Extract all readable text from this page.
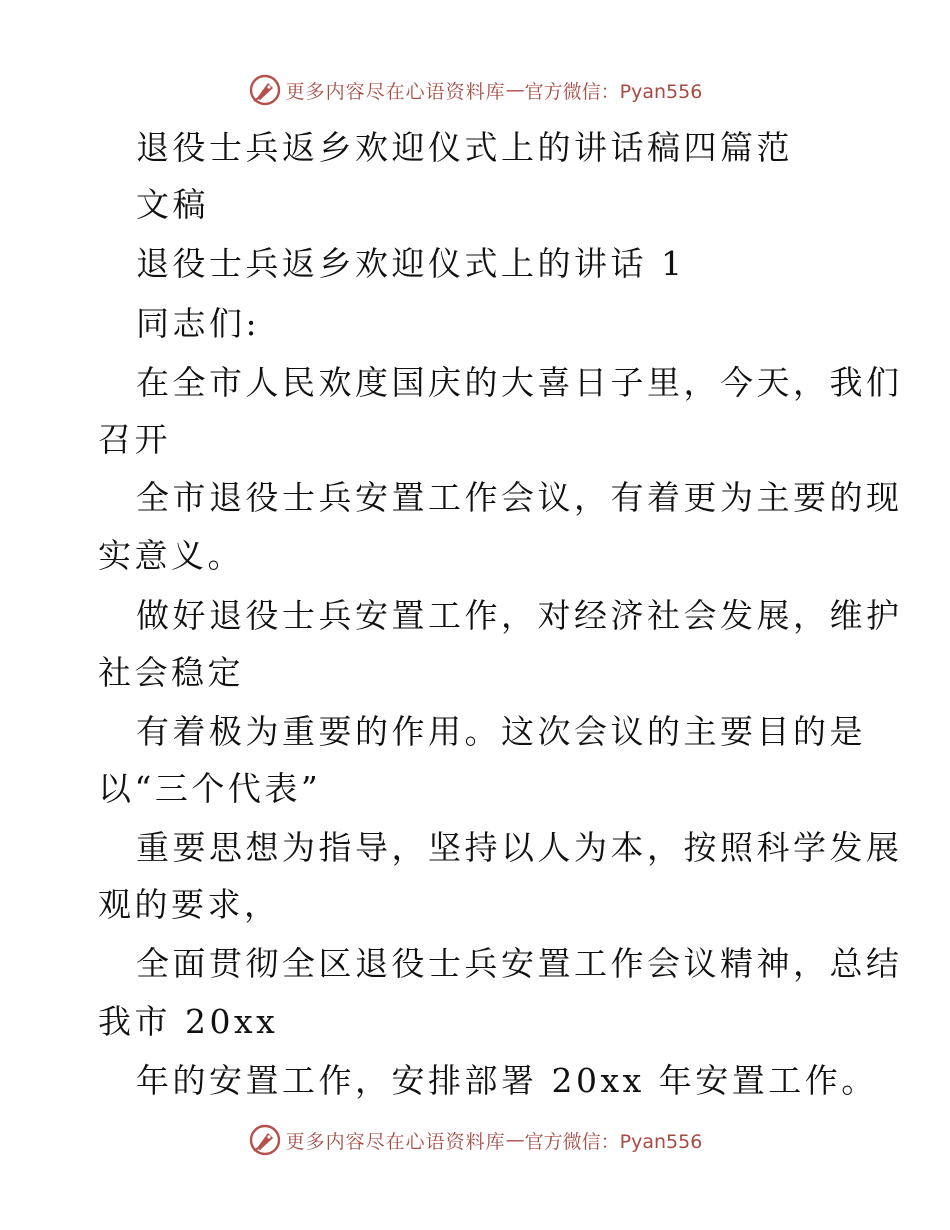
更多内容尽在心语资料库 — 官方微信：Pyan556
退役士兵返乡欢迎仪式上的讲话稿四篇范
文稿
退役士兵返乡欢迎仪式上的讲话 1
同志们:
在全市人民欢度国庆的大喜日子里，今天，我们
召开
全市退役士兵安置工作会议，有着更为主要的现
实意义。
做好退役士兵安置工作，对经济社会发展，维护
社会稳定
有着极为重要的作用。这次会议的主要目的是
以“三个代表”
重要思想为指导，坚持以人为本，按照科学发展
观的要求，
全面贯彻全区退役士兵安置工作会议精神，总结
我市 20xx
年的安置工作，安排部署 20xx 年安置工作。
更多内容尽在心语资料库 — 官方微信：Pyan556
